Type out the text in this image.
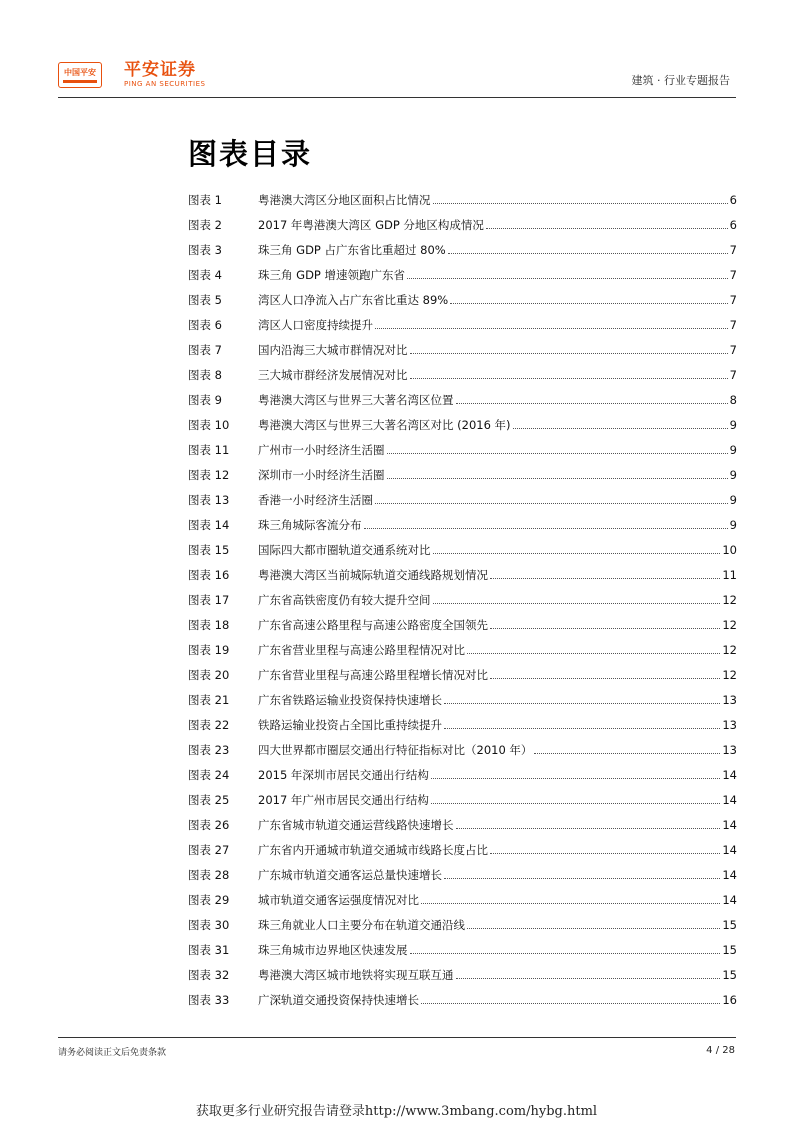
中国平安 平安证券
PING AN SECURITIES	建筑 · 行业专题报告
图表目录
图表 1	粤港澳大湾区分地区面积占比情况	6
图表 2	2017 年粤港澳大湾区 GDP 分地区构成情况	6
图表 3	珠三角 GDP 占广东省比重超过 80%	7
图表 4	珠三角 GDP 增速领跑广东省	7
图表 5	湾区人口净流入占广东省比重达 89%	7
图表 6	湾区人口密度持续提升	7
图表 7	国内沿海三大城市群情况对比	7
图表 8	三大城市群经济发展情况对比	7
图表 9	粤港澳大湾区与世界三大著名湾区位置	8
图表 10	粤港澳大湾区与世界三大著名湾区对比 (2016 年)	9
图表 11	广州市一小时经济生活圈	9
图表 12	深圳市一小时经济生活圈	9
图表 13	香港一小时经济生活圈	9
图表 14	珠三角城际客流分布	9
图表 15	国际四大都市圈轨道交通系统对比	10
图表 16	粤港澳大湾区当前城际轨道交通线路规划情况	11
图表 17	广东省高铁密度仍有较大提升空间	12
图表 18	广东省高速公路里程与高速公路密度全国领先	12
图表 19	广东省营业里程与高速公路里程情况对比	12
图表 20	广东省营业里程与高速公路里程增长情况对比	12
图表 21	广东省铁路运输业投资保持快速增长	13
图表 22	铁路运输业投资占全国比重持续提升	13
图表 23	四大世界都市圈层交通出行特征指标对比（2010 年）	13
图表 24	2015 年深圳市居民交通出行结构	14
图表 25	2017 年广州市居民交通出行结构	14
图表 26	广东省城市轨道交通运营线路快速增长	14
图表 27	广东省内开通城市轨道交通城市线路长度占比	14
图表 28	广东城市轨道交通客运总量快速增长	14
图表 29	城市轨道交通客运强度情况对比	14
图表 30	珠三角就业人口主要分布在轨道交通沿线	15
图表 31	珠三角城市边界地区快速发展	15
图表 32	粤港澳大湾区城市地铁将实现互联互通	15
图表 33	广深轨道交通投资保持快速增长	16
请务必阅读正文后免责条款	4 / 28
获取更多行业研究报告请登录http://www.3mbang.com/hybg.html
